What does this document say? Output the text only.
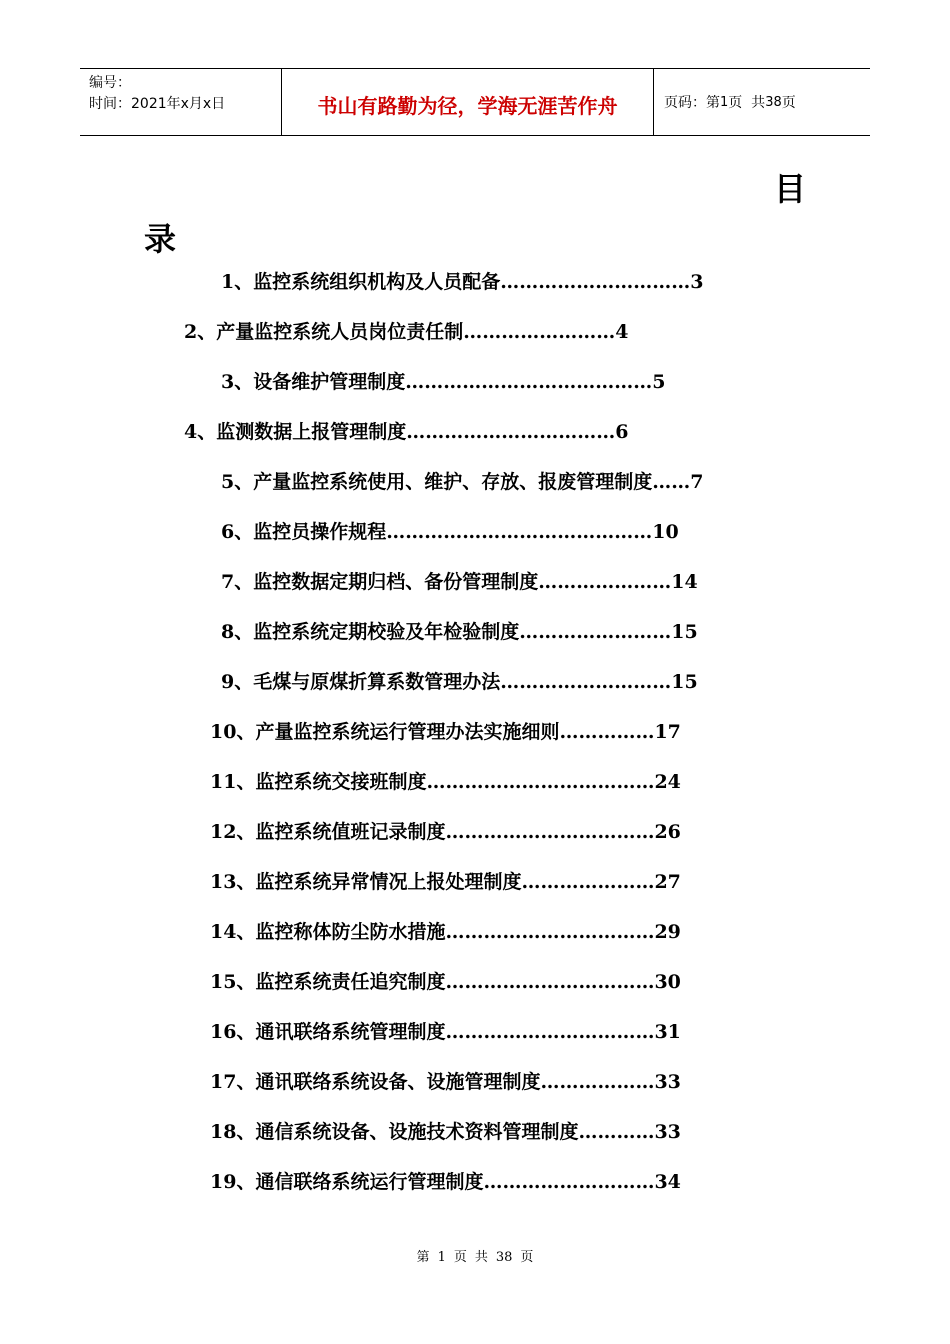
编号：
时间：2021年x月x日	书山有路勤为径，学海无涯苦作舟	页码：第 1 页  共 38 页
目
录
1、监控系统组织机构及人员配备…………………………3
2、产量监控系统人员岗位责任制……………………4
3、设备维护管理制度…………………………………5
4、监测数据上报管理制度……………………………6
5、产量监控系统使用、维护、存放、报废管理制度……7
6、监控员操作规程……………………………………10
7、监控数据定期归档、备份管理制度…………………14
8、监控系统定期校验及年检验制度……………………15
9、毛煤与原煤折算系数管理办法………………………15
10、产量监控系统运行管理办法实施细则……………17
11、监控系统交接班制度………………………………24
12、监控系统值班记录制度……………………………26
13、监控系统异常情况上报处理制度…………………27
14、监控称体防尘防水措施……………………………29
15、监控系统责任追究制度……………………………30
16、通讯联络系统管理制度……………………………31
17、通讯联络系统设备、设施管理制度………………33
18、通信系统设备、设施技术资料管理制度…………33
19、通信联络系统运行管理制度………………………34
第 1 页 共 38 页
